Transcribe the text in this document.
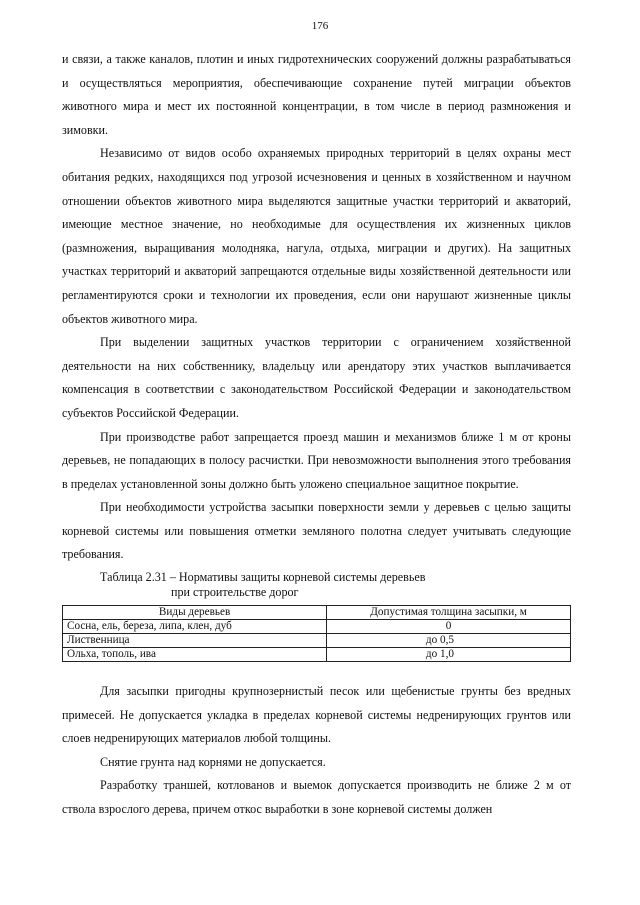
176

и связи, а также каналов, плотин и иных гидротехнических сооружений должны разрабатываться и осуществляться мероприятия, обеспечивающие сохранение путей миграции объектов животного мира и мест их постоянной концентрации, в том числе в период размножения и зимовки.

Независимо от видов особо охраняемых природных территорий в целях охраны мест обитания редких, находящихся под угрозой исчезновения и ценных в хозяйственном и научном отношении объектов животного мира выделяются защитные участки территорий и акваторий, имеющие местное значение, но необходимые для осуществления их жизненных циклов (размножения, выращивания молодняка, нагула, отдыха, миграции и других). На защитных участках территорий и акваторий запрещаются отдельные виды хозяйственной деятельности или регламентируются сроки и технологии их проведения, если они нарушают жизненные циклы объектов животного мира.

При выделении защитных участков территории с ограничением хозяйственной деятельности на них собственнику, владельцу или арендатору этих участков выплачивается компенсация в соответствии с законодательством Российской Федерации и законодательством субъектов Российской Федерации.

При производстве работ запрещается проезд машин и механизмов ближе 1 м от кроны деревьев, не попадающих в полосу расчистки. При невозможности выполнения этого требования в пределах установленной зоны должно быть уложено специальное защитное покрытие.

При необходимости устройства засыпки поверхности земли у деревьев с целью защиты корневой системы или повышения отметки земляного полотна следует учитывать следующие требования.

Таблица 2.31 – Нормативы защиты корневой системы деревьев
при строительстве дорог
Виды деревьев	Допустимая толщина засыпки, м
Сосна, ель, береза, липа, клен, дуб	0
Лиственница	до 0,5
Ольха, тополь, ива	до 1,0

Для засыпки пригодны крупнозернистый песок или щебенистые грунты без вредных примесей. Не допускается укладка в пределах корневой системы недренирующих грунтов или слоев недренирующих материалов любой толщины.

Снятие грунта над корнями не допускается.

Разработку траншей, котлованов и выемок допускается производить не ближе 2 м от ствола взрослого дерева, причем откос выработки в зоне корневой системы должен
